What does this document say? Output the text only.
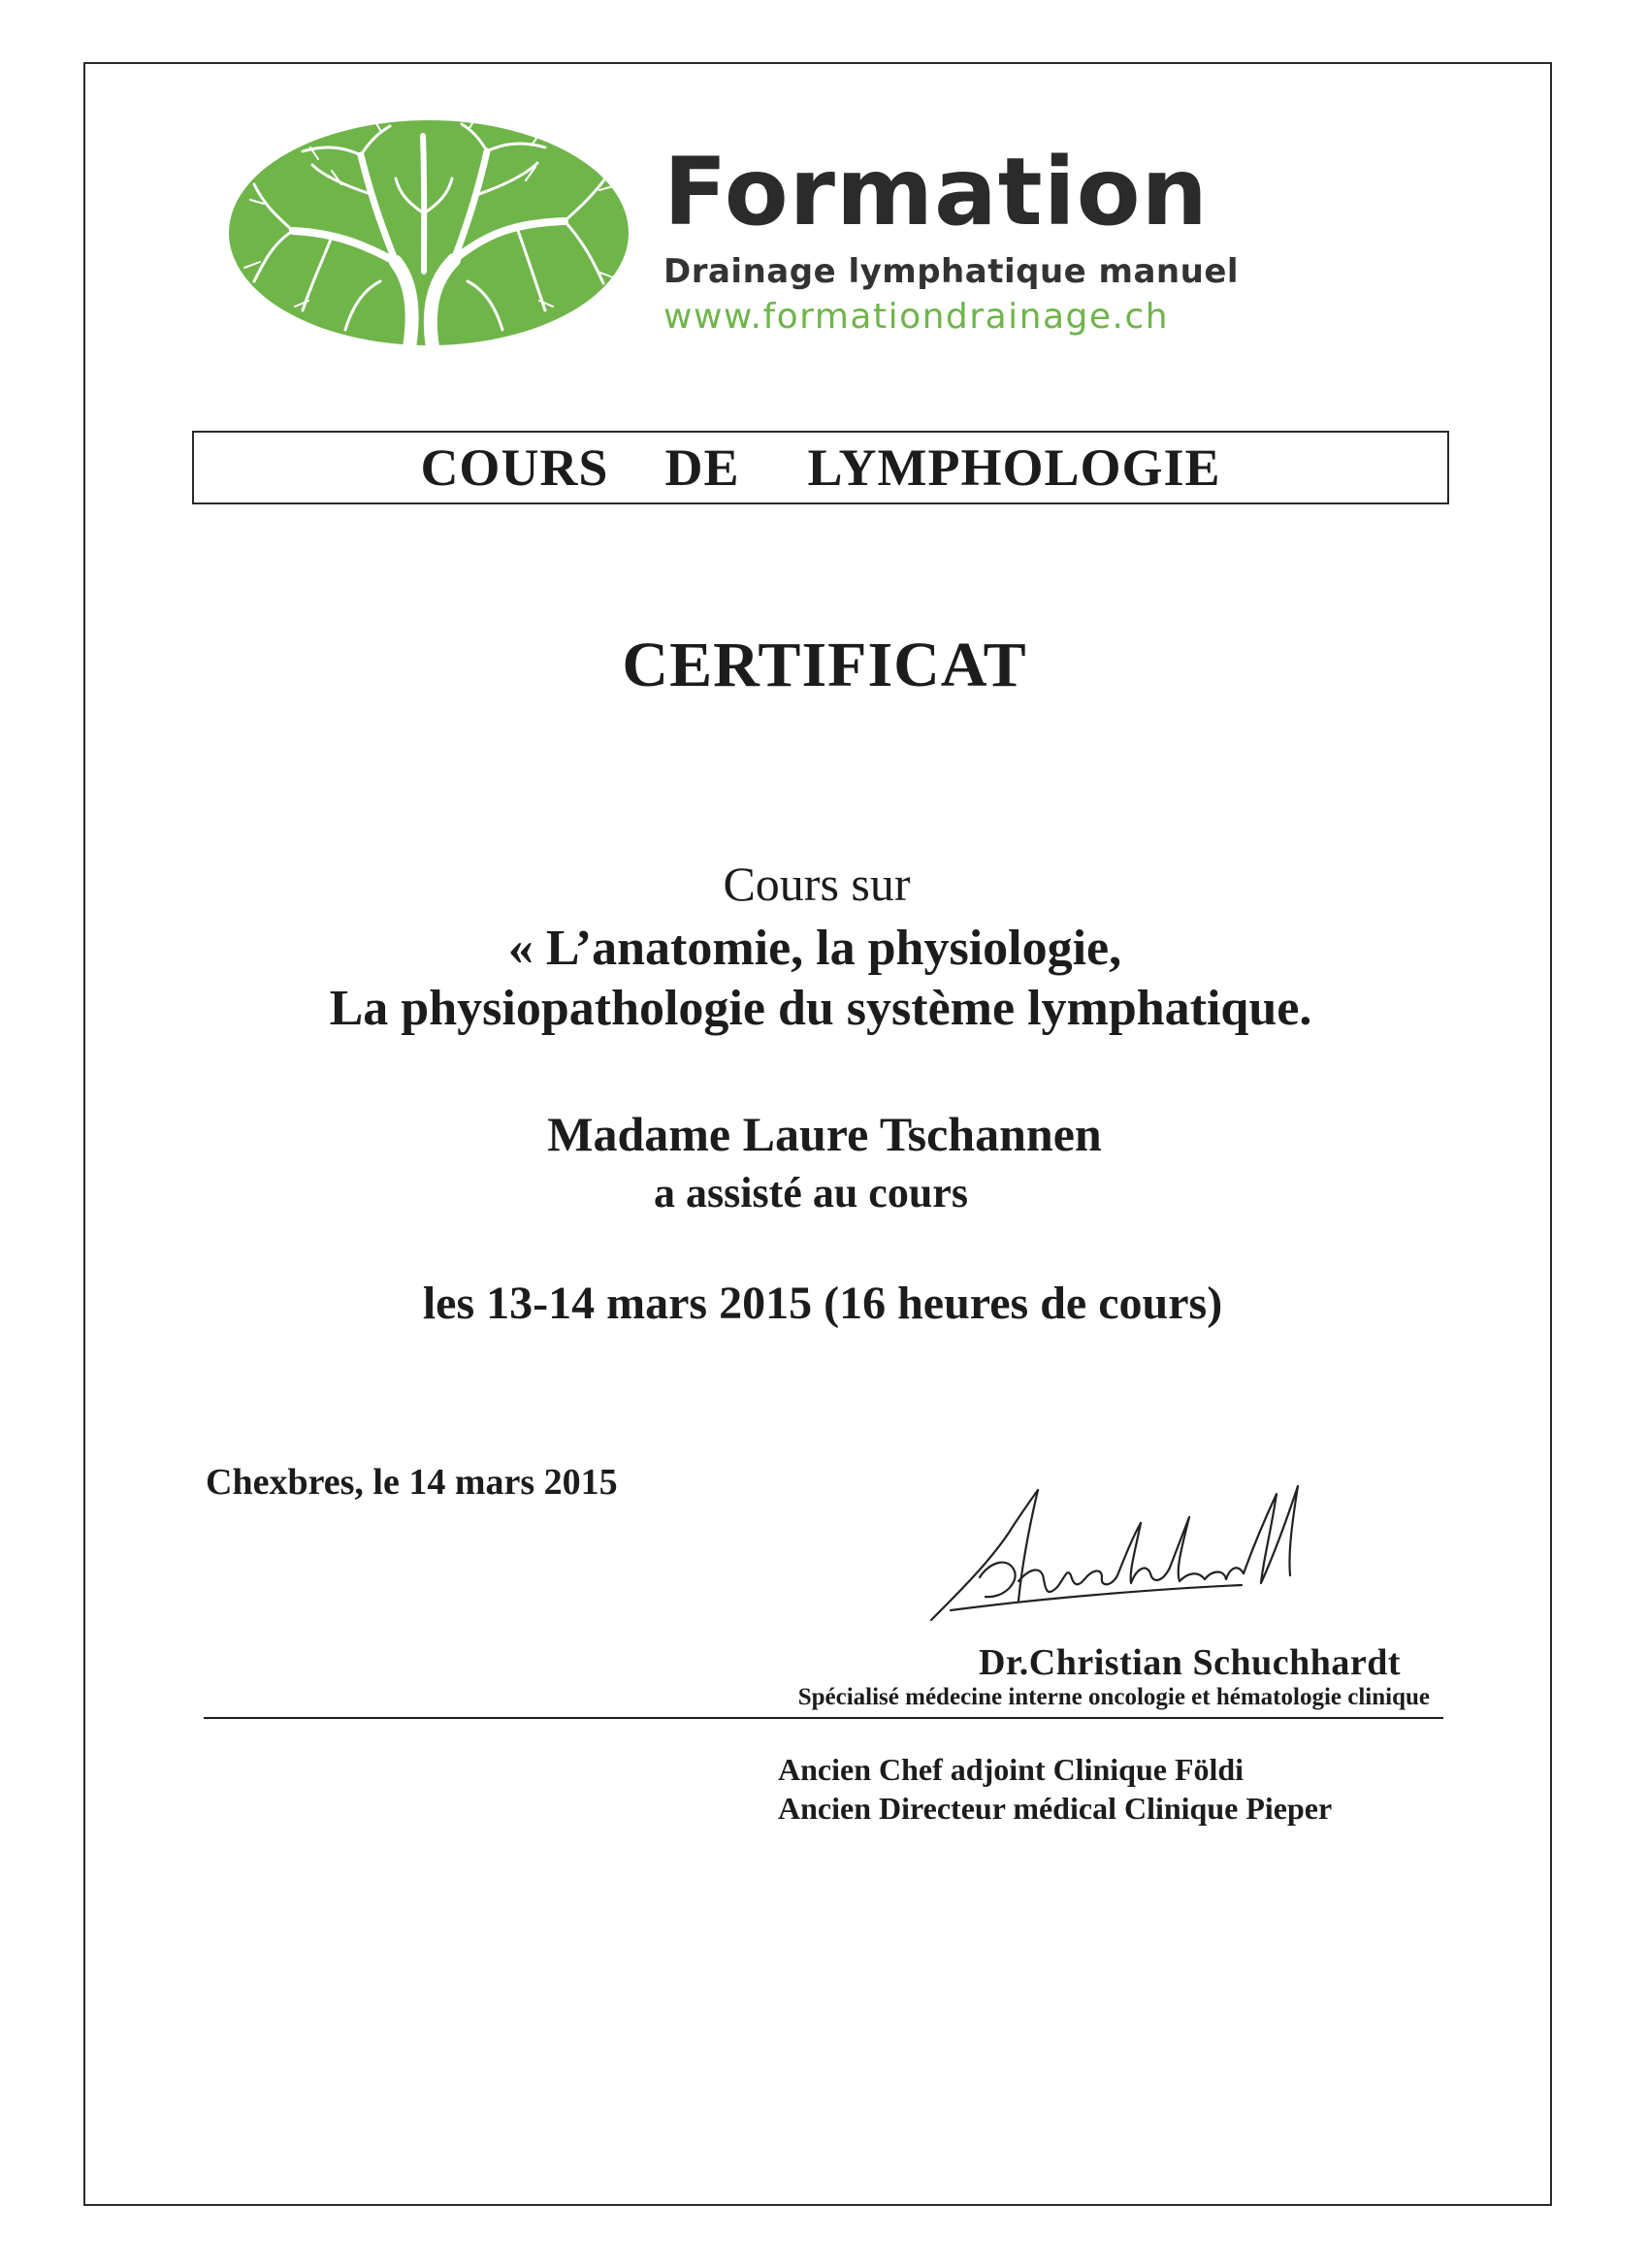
Formation
Drainage lymphatique manuel
www.formationdrainage.ch
COURS DE LYMPHOLOGIE
CERTIFICAT
Cours sur
« L’anatomie, la physiologie,
La physiopathologie du système lymphatique.
Madame Laure Tschannen
a assisté au cours
les 13-14 mars 2015 (16 heures de cours)
Chexbres, le 14 mars 2015
Dr.Christian Schuchhardt
Spécialisé médecine interne oncologie et hématologie clinique
Ancien Chef adjoint Clinique Földi
Ancien Directeur médical Clinique Pieper
